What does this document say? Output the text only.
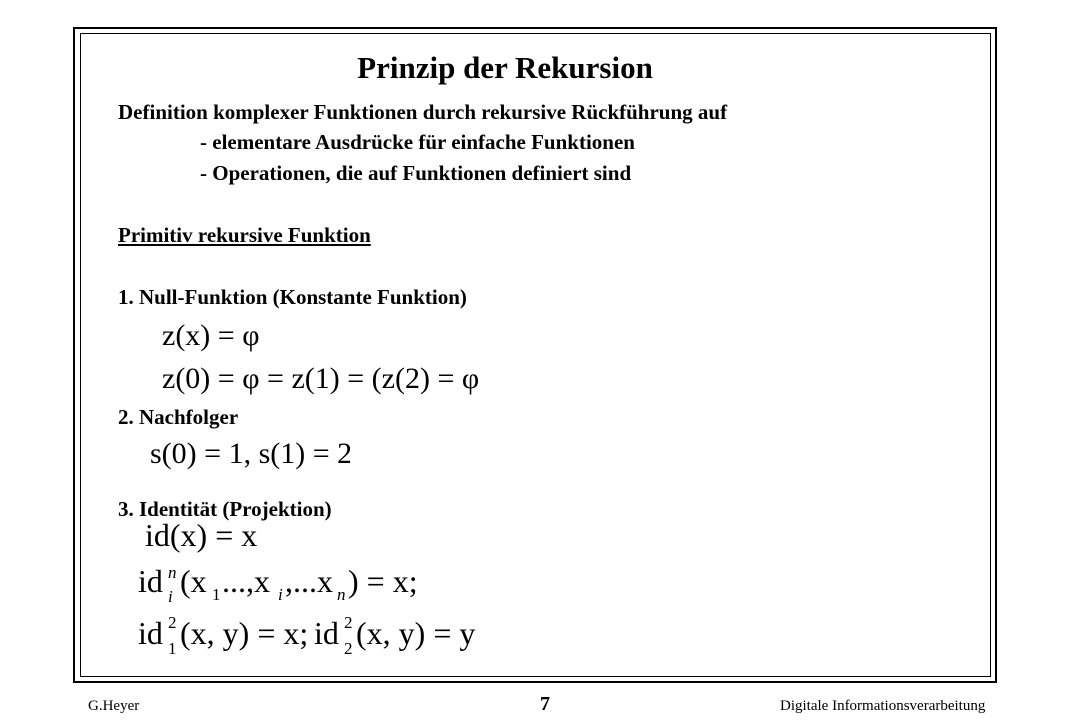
Prinzip der Rekursion
Definition komplexer Funktionen durch rekursive Rückführung auf
- elementare Ausdrücke für einfache Funktionen
- Operationen, die auf Funktionen definiert sind
Primitiv rekursive Funktion
1. Null-Funktion (Konstante Funktion)
z(x) = φ
z(0) = φ = z(1) = (z(2) = φ
2. Nachfolger
s(0) = 1, s(1) = 2
3. Identität (Projektion)
id(x) = x
id n
i (x 1 ...,x i ,...x n ) = x;
id 2
1 (x, y) = x; id 2
2 (x, y) = y
G.Heyer	7	Digitale Informationsverarbeitung
